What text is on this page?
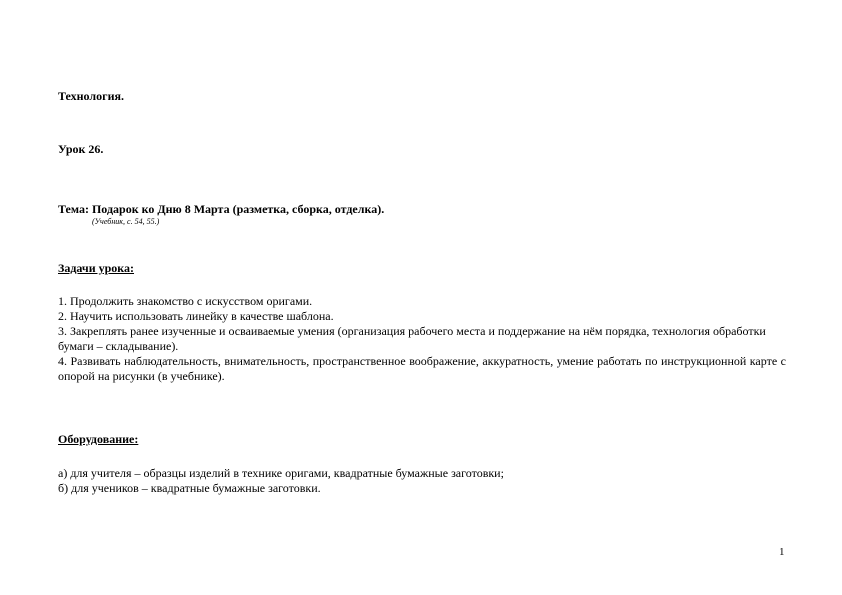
Технология.
Урок 26.

Тема: Подарок ко Дню 8 Марта (разметка, сборка, отделка).

(Учебник, с. 54, 55.)

Задачи урока:

1. Продолжить знакомство с искусством оригами.

2. Научить использовать линейку в качестве шаблона.

3. Закреплять ранее изученные и осваиваемые умения (организация рабочего места и поддержание на нём порядка, технология обработки бумаги – складывание).

4. Развивать наблюдательность, внимательность, пространственное воображение, аккуратность, умение работать по инструкционной карте с опорой на рисунки (в учебнике).

Оборудование:

а) для учителя – образцы изделий в технике оригами, квадратные бумажные заготовки;

б) для учеников – квадратные бумажные заготовки.

1
